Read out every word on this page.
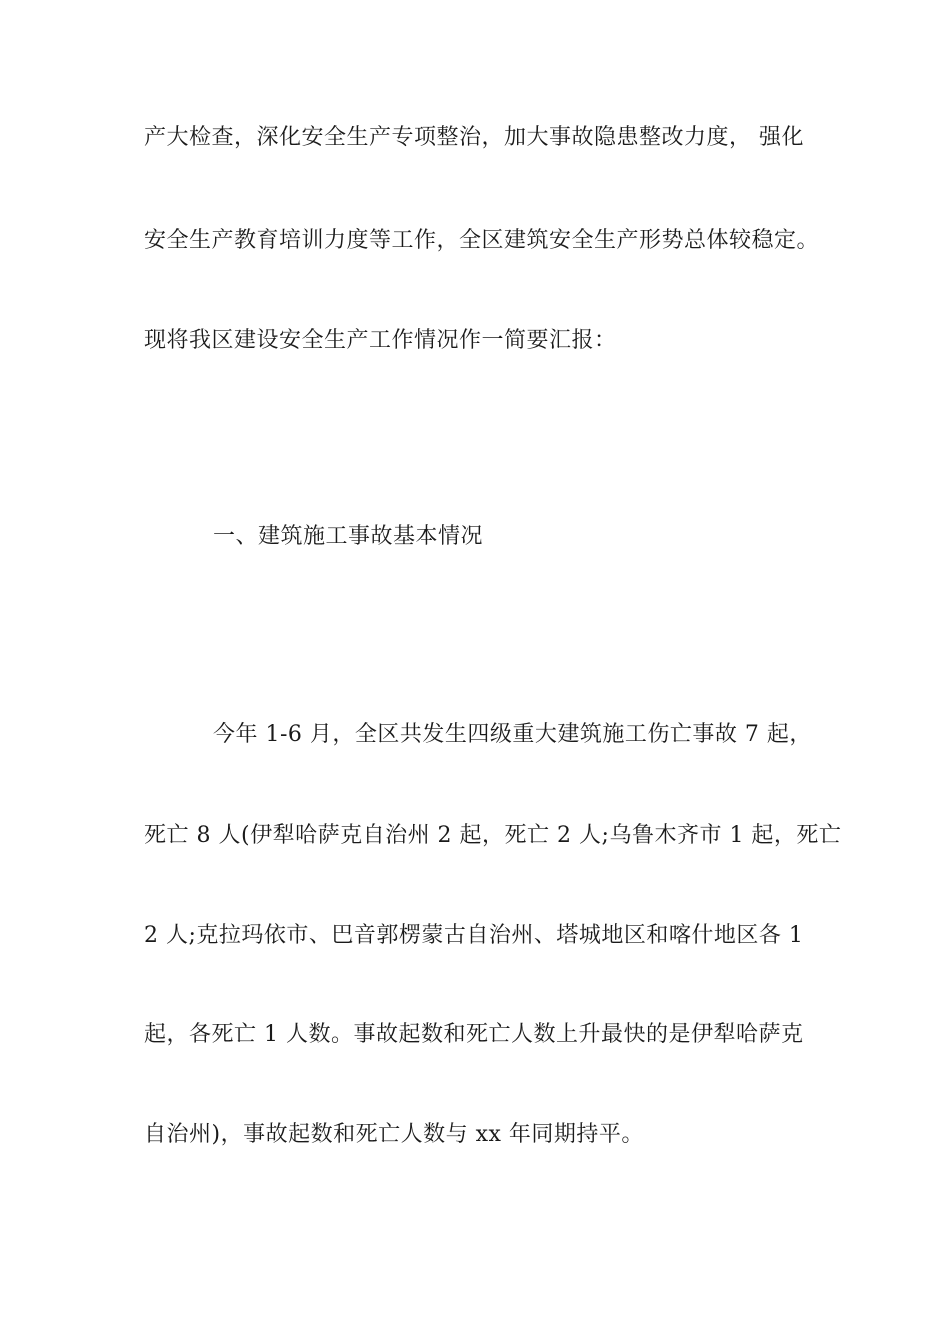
产大检查，深化安全生产专项整治，加大事故隐患整改力度， 强化
安全生产教育培训力度等工作，全区建筑安全生产形势总体较稳定。
现将我区建设安全生产工作情况作一简要汇报：
一、建筑施工事故基本情况
今年 1-6 月，全区共发生四级重大建筑施工伤亡事故 7 起，
死亡 8 人(伊犁哈萨克自治州 2 起，死亡 2 人;乌鲁木齐市 1 起，死亡
2 人;克拉玛依市、巴音郭楞蒙古自治州、塔城地区和喀什地区各 1
起，各死亡 1 人数。事故起数和死亡人数上升最快的是伊犁哈萨克
自治州)，事故起数和死亡人数与 xx 年同期持平。
